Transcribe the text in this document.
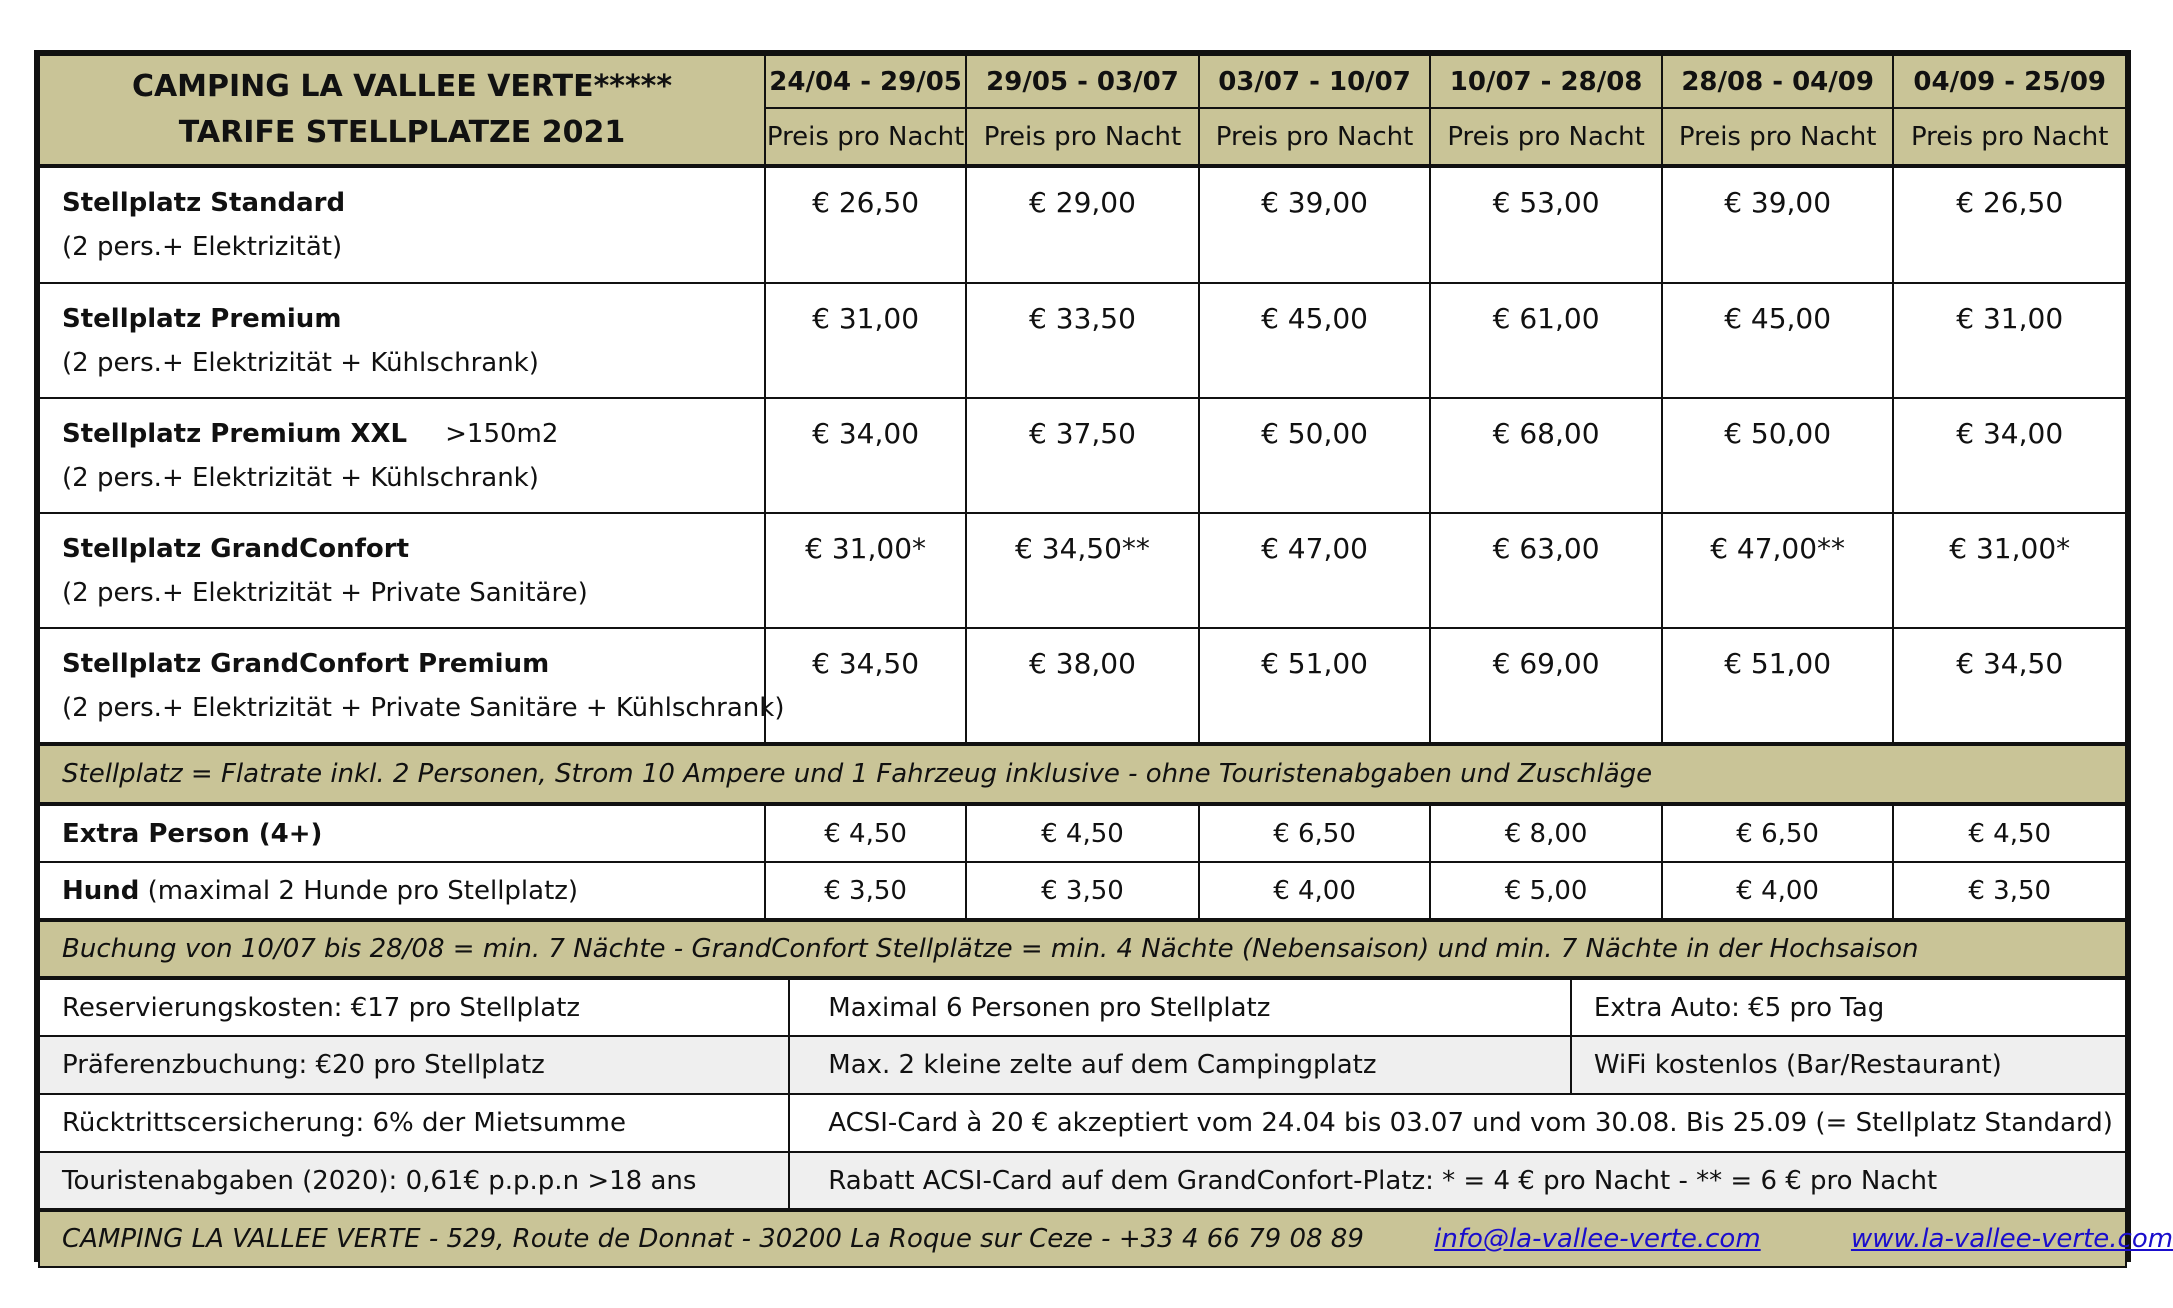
CAMPING LA VALLEE VERTE*****
TARIFE STELLPLATZE 2021	24/04 - 29/05		29/05 - 03/07	03/07 - 10/07	10/07 - 28/08		28/08 - 04/09	04/09 - 25/09
	Preis pro Nacht		Preis pro Nacht	Preis pro Nacht	Preis pro Nacht		Preis pro Nacht	Preis pro Nacht

Stellplatz Standard
(2 pers.+ Elektrizität)	€ 26,50		€ 29,00	€ 39,00	€ 53,00		€ 39,00	€ 26,50

Stellplatz Premium
(2 pers.+ Elektrizität + Kühlschrank)	€ 31,00		€ 33,50	€ 45,00	€ 61,00		€ 45,00	€ 31,00

Stellplatz Premium XXL >150m2
(2 pers.+ Elektrizität + Kühlschrank)	€ 34,00		€ 37,50	€ 50,00	€ 68,00		€ 50,00	€ 34,00

Stellplatz GrandConfort
(2 pers.+ Elektrizität + Private Sanitäre)	€ 31,00*		€ 34,50**	€ 47,00	€ 63,00		€ 47,00**	€ 31,00*

Stellplatz GrandConfort Premium
(2 pers.+ Elektrizität + Private Sanitäre + Kühlschrank)	€ 34,50		€ 38,00	€ 51,00	€ 69,00		€ 51,00	€ 34,50
Stellplatz = Flatrate inkl. 2 Personen, Strom 10 Ampere und 1 Fahrzeug inklusive - ohne Touristenabgaben und Zuschläge								
Extra Person (4+)	€ 4,50		€ 4,50	€ 6,50	€ 8,00		€ 6,50	€ 4,50
Hund (maximal 2 Hunde pro Stellplatz)	€ 3,50		€ 3,50	€ 4,00	€ 5,00		€ 4,00	€ 3,50
Buchung von 10/07 bis 28/08 = min. 7 Nächte - GrandConfort Stellplätze = min. 4 Nächte (Nebensaison) und min. 7 Nächte in der Hochsaison								
Reservierungskosten: €17 pro Stellplatz		Maximal 6 Personen pro Stellplatz				Extra Auto: €5 pro Tag		
Präferenzbuchung: €20 pro Stellplatz		Max. 2 kleine zelte auf dem Campingplatz				WiFi kostenlos (Bar/Restaurant)		
Rücktrittscersicherung: 6% der Mietsumme		ACSI-Card à 20 € akzeptiert vom 24.04 bis 03.07 und vom 30.08. Bis 25.09 (= Stellplatz Standard)						
Touristenabgaben (2020): 0,61€ p.p.p.n >18 ans		Rabatt ACSI-Card auf dem GrandConfort-Platz: * = 4 € pro Nacht - ** = 6 € pro Nacht						
CAMPING LA VALLEE VERTE - 529, Route de Donnat - 30200 La Roque sur Ceze - +33 4 66 79 08 89 info@la-vallee-verte.com www.la-vallee-verte.com								
